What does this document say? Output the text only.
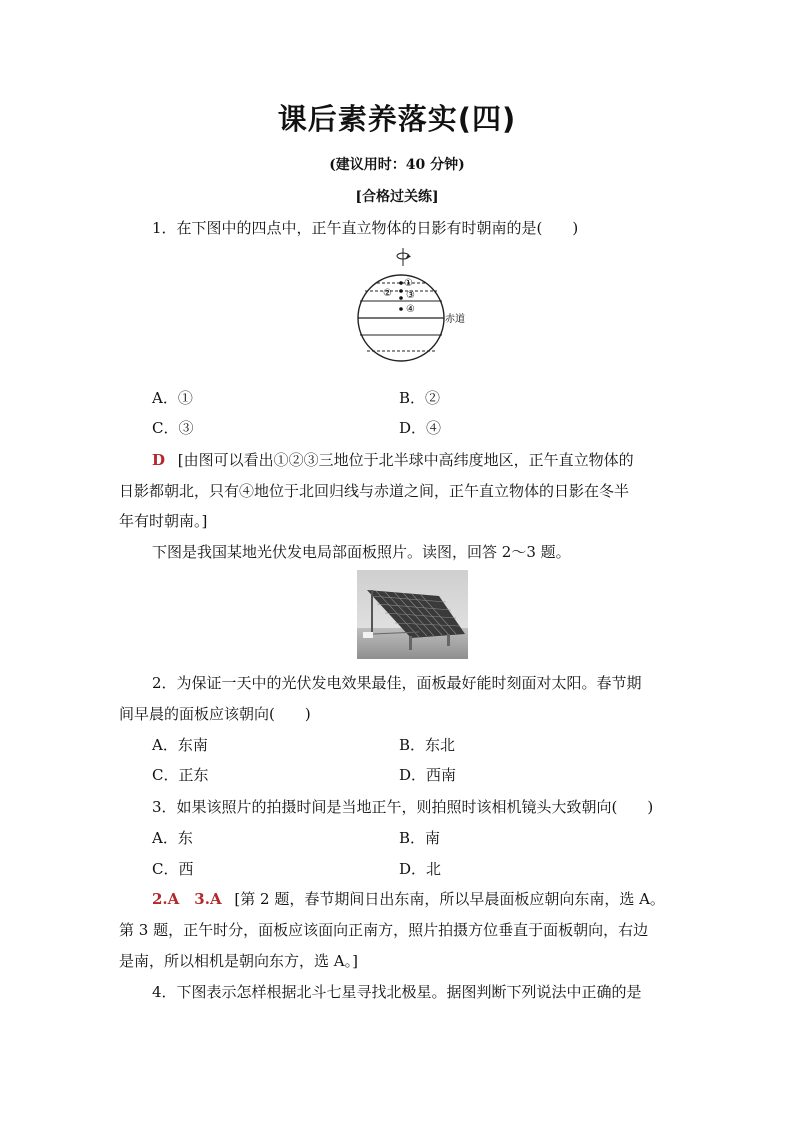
课后素养落实(四)
(建议用时：40 分钟)
[合格过关练]
1．在下图中的四点中，正午直立物体的日影有时朝南的是(　　)
①
② ③
④
赤道
A．①	B．②
C．③	D．④
D [由图可以看出①②③三地位于北半球中高纬度地区，正午直立物体的
日影都朝北，只有④地位于北回归线与赤道之间，正午直立物体的日影在冬半
年有时朝南。]
下图是我国某地光伏发电局部面板照片。读图，回答 2～3 题。
2．为保证一天中的光伏发电效果最佳，面板最好能时刻面对太阳。春节期
间早晨的面板应该朝向(　　)
A．东南	B．东北
C．正东	D．西南
3．如果该照片的拍摄时间是当地正午，则拍照时该相机镜头大致朝向(　　)
A．东	B．南
C．西	D．北
2.A　3.A [第 2 题，春节期间日出东南，所以早晨面板应朝向东南，选 A。
第 3 题，正午时分，面板应该面向正南方，照片拍摄方位垂直于面板朝向，右边
是南，所以相机是朝向东方，选 A。]
4．下图表示怎样根据北斗七星寻找北极星。据图判断下列说法中正确的是
